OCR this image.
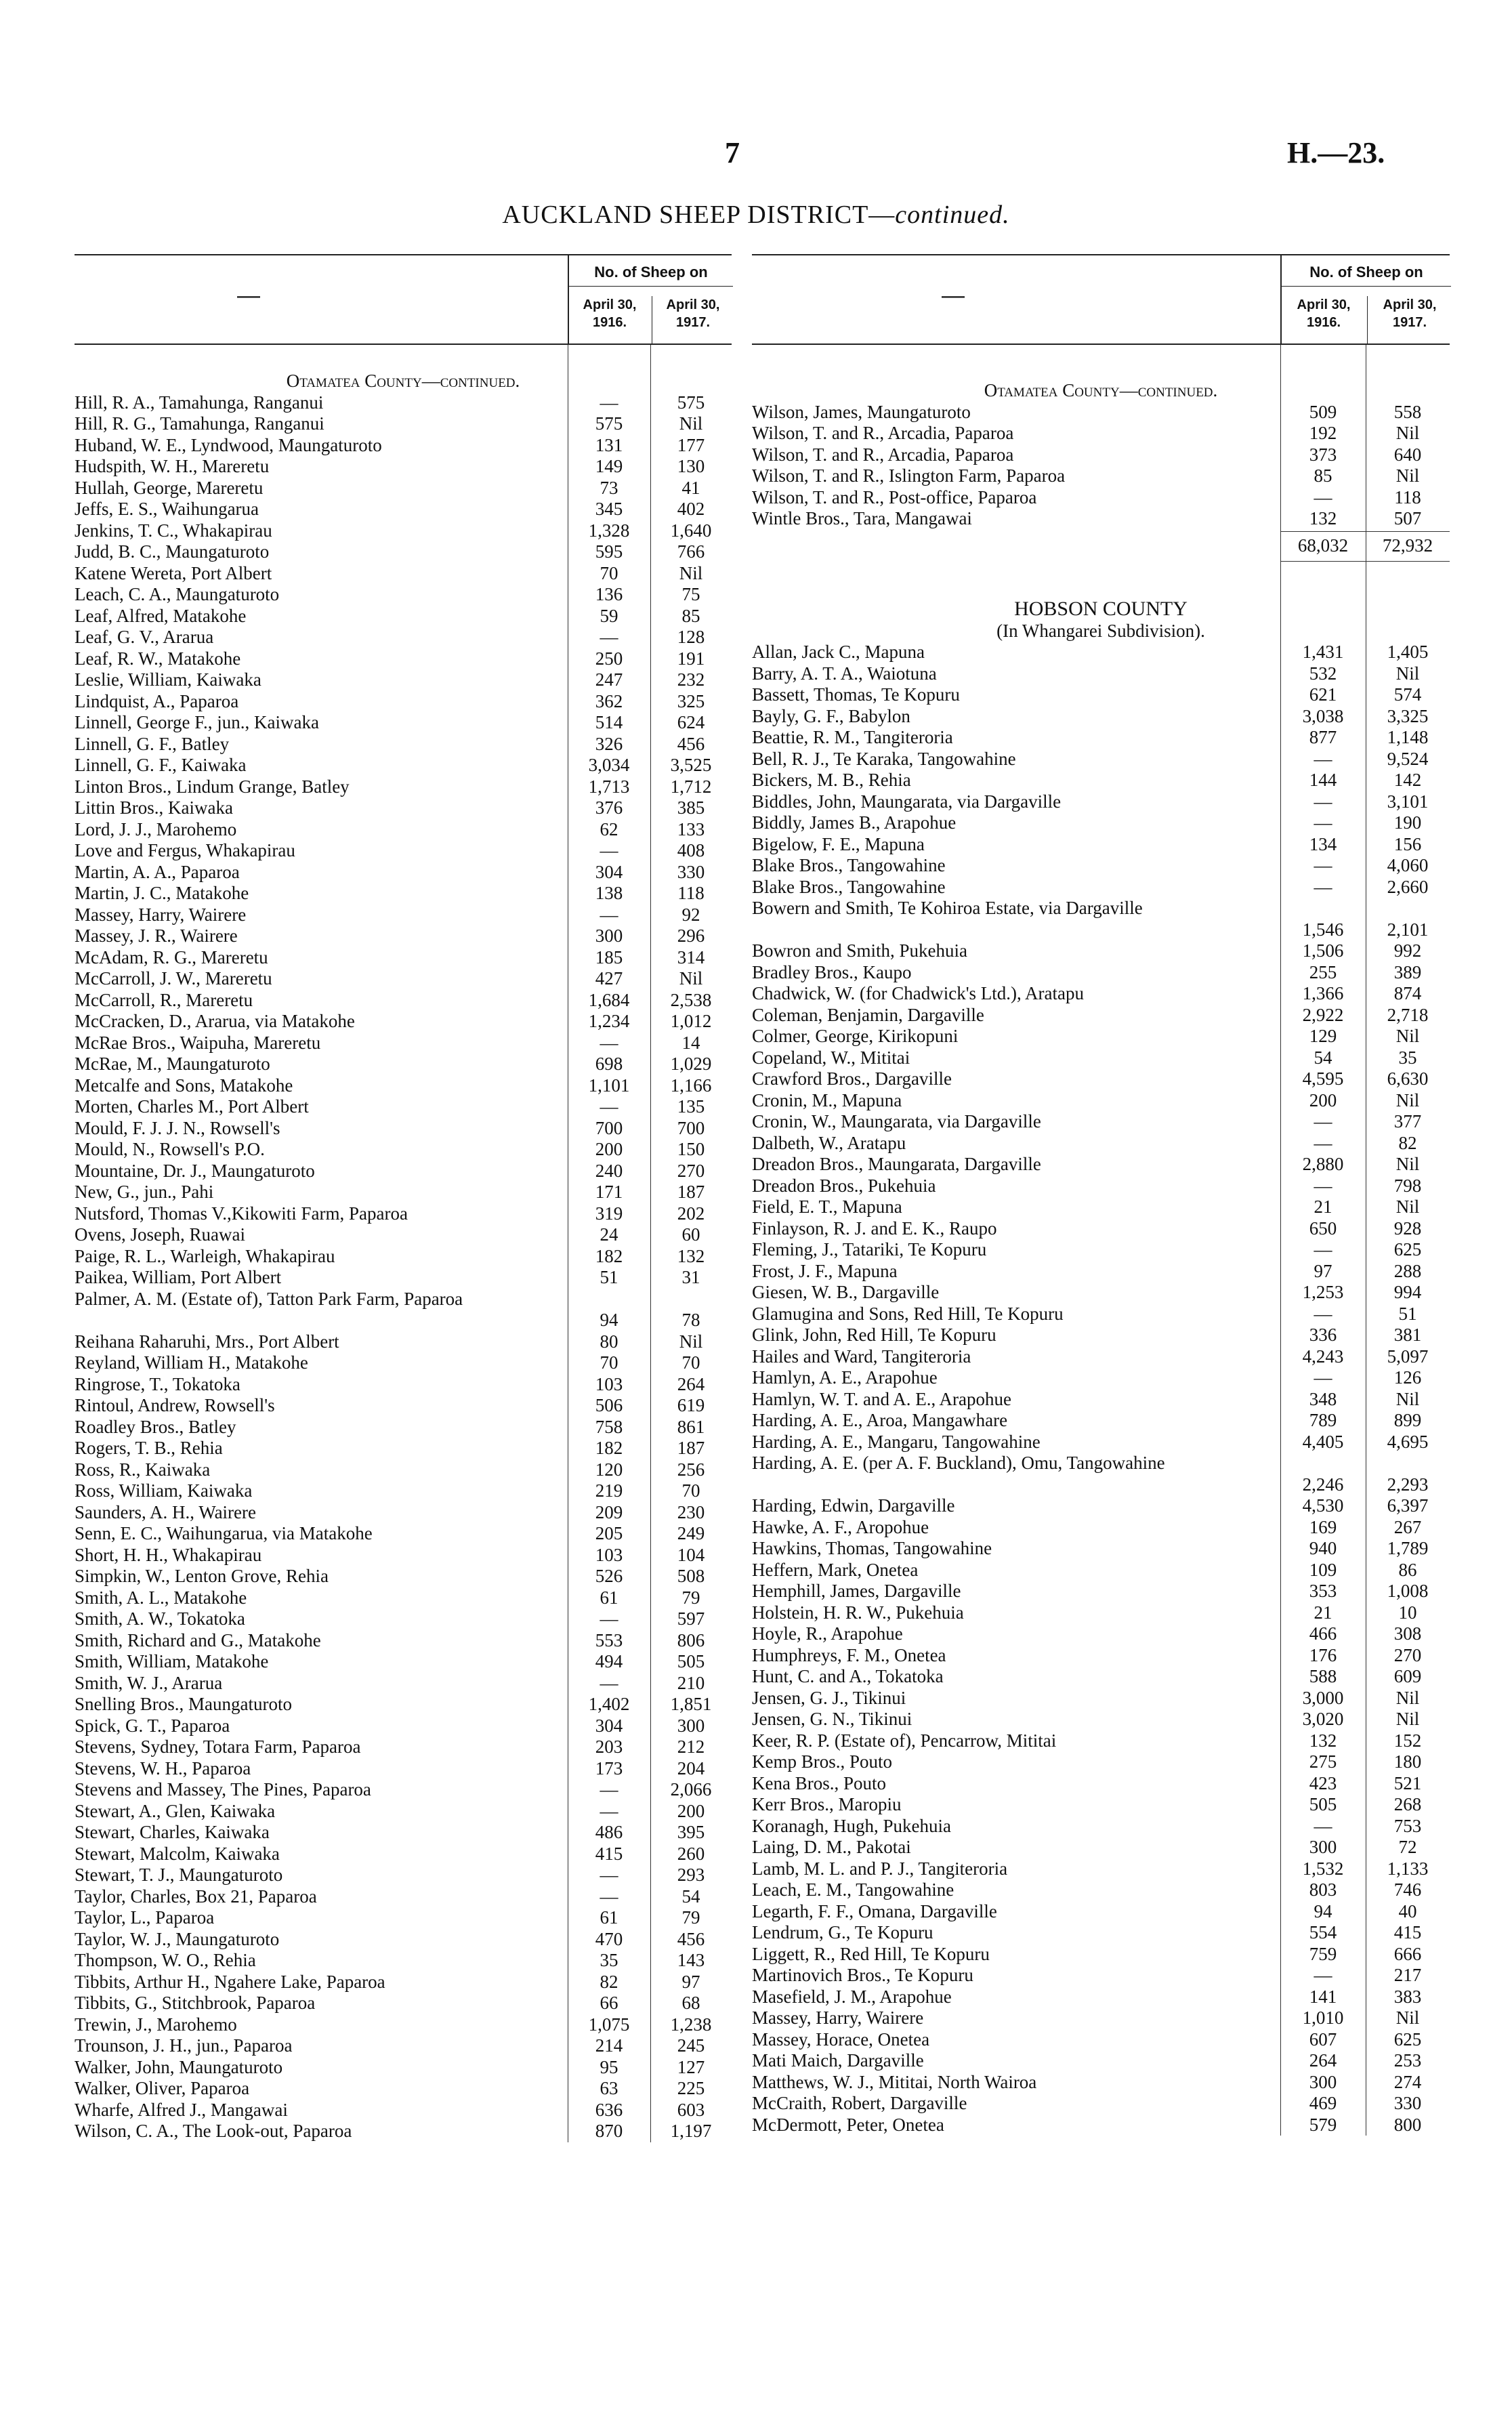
7	H.—23.
AUCKLAND SHEEP DISTRICT—continued.
—
No. of Sheep on
April 30, 1916.
April 30, 1917.
Otamatea County—continued.
Hill, R. A., Tamahunga, Ranganui	—	575
Hill, R. G., Tamahunga, Ranganui	575	Nil
Huband, W. E., Lyndwood, Maungaturoto	131	177
Hudspith, W. H., Mareretu	149	130
Hullah, George, Mareretu	73	41
Jeffs, E. S., Waihungarua	345	402
Jenkins, T. C., Whakapirau	1,328	1,640
Judd, B. C., Maungaturoto	595	766
Katene Wereta, Port Albert	70	Nil
Leach, C. A., Maungaturoto	136	75
Leaf, Alfred, Matakohe	59	85
Leaf, G. V., Ararua	—	128
Leaf, R. W., Matakohe	250	191
Leslie, William, Kaiwaka	247	232
Lindquist, A., Paparoa	362	325
Linnell, George F., jun., Kaiwaka	514	624
Linnell, G. F., Batley	326	456
Linnell, G. F., Kaiwaka	3,034	3,525
Linton Bros., Lindum Grange, Batley	1,713	1,712
Littin Bros., Kaiwaka	376	385
Lord, J. J., Marohemo	62	133
Love and Fergus, Whakapirau	—	408
Martin, A. A., Paparoa	304	330
Martin, J. C., Matakohe	138	118
Massey, Harry, Wairere	—	92
Massey, J. R., Wairere	300	296
McAdam, R. G., Mareretu	185	314
McCarroll, J. W., Mareretu	427	Nil
McCarroll, R., Mareretu	1,684	2,538
McCracken, D., Ararua, via Matakohe	1,234	1,012
McRae Bros., Waipuha, Mareretu	—	14
McRae, M., Maungaturoto	698	1,029
Metcalfe and Sons, Matakohe	1,101	1,166
Morten, Charles M., Port Albert	—	135
Mould, F. J. J. N., Rowsell's	700	700
Mould, N., Rowsell's P.O.	200	150
Mountaine, Dr. J., Maungaturoto	240	270
New, G., jun., Pahi	171	187
Nutsford, Thomas V.,Kikowiti Farm, Paparoa	319	202
Ovens, Joseph, Ruawai	24	60
Paige, R. L., Warleigh, Whakapirau	182	132
Paikea, William, Port Albert	51	31
Palmer, A. M. (Estate of), Tatton Park Farm, Paparoa
94	78
Reihana Raharuhi, Mrs., Port Albert	80	Nil
Reyland, William H., Matakohe	70	70
Ringrose, T., Tokatoka	103	264
Rintoul, Andrew, Rowsell's	506	619
Roadley Bros., Batley	758	861
Rogers, T. B., Rehia	182	187
Ross, R., Kaiwaka	120	256
Ross, William, Kaiwaka	219	70
Saunders, A. H., Wairere	209	230
Senn, E. C., Waihungarua, via Matakohe	205	249
Short, H. H., Whakapirau	103	104
Simpkin, W., Lenton Grove, Rehia	526	508
Smith, A. L., Matakohe	61	79
Smith, A. W., Tokatoka	—	597
Smith, Richard and G., Matakohe	553	806
Smith, William, Matakohe	494	505
Smith, W. J., Ararua	—	210
Snelling Bros., Maungaturoto	1,402	1,851
Spick, G. T., Paparoa	304	300
Stevens, Sydney, Totara Farm, Paparoa	203	212
Stevens, W. H., Paparoa	173	204
Stevens and Massey, The Pines, Paparoa	—	2,066
Stewart, A., Glen, Kaiwaka	—	200
Stewart, Charles, Kaiwaka	486	395
Stewart, Malcolm, Kaiwaka	415	260
Stewart, T. J., Maungaturoto	—	293
Taylor, Charles, Box 21, Paparoa	—	54
Taylor, L., Paparoa	61	79
Taylor, W. J., Maungaturoto	470	456
Thompson, W. O., Rehia	35	143
Tibbits, Arthur H., Ngahere Lake, Paparoa	82	97
Tibbits, G., Stitchbrook, Paparoa	66	68
Trewin, J., Marohemo	1,075	1,238
Trounson, J. H., jun., Paparoa	214	245
Walker, John, Maungaturoto	95	127
Walker, Oliver, Paparoa	63	225
Wharfe, Alfred J., Mangawai	636	603
Wilson, C. A., The Look-out, Paparoa	870	1,197
—
No. of Sheep on
April 30, 1916.
April 30, 1917.
Otamatea County—continued.
Wilson, James, Maungaturoto	509	558
Wilson, T. and R., Arcadia, Paparoa	192	Nil
Wilson, T. and R., Arcadia, Paparoa	373	640
Wilson, T. and R., Islington Farm, Paparoa	85	Nil
Wilson, T. and R., Post-office, Paparoa	—	118
Wintle Bros., Tara, Mangawai	132	507
68,032	72,932
HOBSON COUNTY
(In Whangarei Subdivision).
Allan, Jack C., Mapuna	1,431	1,405
Barry, A. T. A., Waiotuna	532	Nil
Bassett, Thomas, Te Kopuru	621	574
Bayly, G. F., Babylon	3,038	3,325
Beattie, R. M., Tangiteroria	877	1,148
Bell, R. J., Te Karaka, Tangowahine	—	9,524
Bickers, M. B., Rehia	144	142
Biddles, John, Maungarata, via Dargaville	—	3,101
Biddly, James B., Arapohue	—	190
Bigelow, F. E., Mapuna	134	156
Blake Bros., Tangowahine	—	4,060
Blake Bros., Tangowahine	—	2,660
Bowern and Smith, Te Kohiroa Estate, via Dargaville
1,546	2,101
Bowron and Smith, Pukehuia	1,506	992
Bradley Bros., Kaupo	255	389
Chadwick, W. (for Chadwick's Ltd.), Aratapu	1,366	874
Coleman, Benjamin, Dargaville	2,922	2,718
Colmer, George, Kirikopuni	129	Nil
Copeland, W., Mititai	54	35
Crawford Bros., Dargaville	4,595	6,630
Cronin, M., Mapuna	200	Nil
Cronin, W., Maungarata, via Dargaville	—	377
Dalbeth, W., Aratapu	—	82
Dreadon Bros., Maungarata, Dargaville	2,880	Nil
Dreadon Bros., Pukehuia	—	798
Field, E. T., Mapuna	21	Nil
Finlayson, R. J. and E. K., Raupo	650	928
Fleming, J., Tatariki, Te Kopuru	—	625
Frost, J. F., Mapuna	97	288
Giesen, W. B., Dargaville	1,253	994
Glamugina and Sons, Red Hill, Te Kopuru	—	51
Glink, John, Red Hill, Te Kopuru	336	381
Hailes and Ward, Tangiteroria	4,243	5,097
Hamlyn, A. E., Arapohue	—	126
Hamlyn, W. T. and A. E., Arapohue	348	Nil
Harding, A. E., Aroa, Mangawhare	789	899
Harding, A. E., Mangaru, Tangowahine	4,405	4,695
Harding, A. E. (per A. F. Buckland), Omu, Tangowahine
2,246	2,293
Harding, Edwin, Dargaville	4,530	6,397
Hawke, A. F., Aropohue	169	267
Hawkins, Thomas, Tangowahine	940	1,789
Heffern, Mark, Onetea	109	86
Hemphill, James, Dargaville	353	1,008
Holstein, H. R. W., Pukehuia	21	10
Hoyle, R., Arapohue	466	308
Humphreys, F. M., Onetea	176	270
Hunt, C. and A., Tokatoka	588	609
Jensen, G. J., Tikinui	3,000	Nil
Jensen, G. N., Tikinui	3,020	Nil
Keer, R. P. (Estate of), Pencarrow, Mititai	132	152
Kemp Bros., Pouto	275	180
Kena Bros., Pouto	423	521
Kerr Bros., Maropiu	505	268
Koranagh, Hugh, Pukehuia	—	753
Laing, D. M., Pakotai	300	72
Lamb, M. L. and P. J., Tangiteroria	1,532	1,133
Leach, E. M., Tangowahine	803	746
Legarth, F. F., Omana, Dargaville	94	40
Lendrum, G., Te Kopuru	554	415
Liggett, R., Red Hill, Te Kopuru	759	666
Martinovich Bros., Te Kopuru	—	217
Masefield, J. M., Arapohue	141	383
Massey, Harry, Wairere	1,010	Nil
Massey, Horace, Onetea	607	625
Mati Maich, Dargaville	264	253
Matthews, W. J., Mititai, North Wairoa	300	274
McCraith, Robert, Dargaville	469	330
McDermott, Peter, Onetea	579	800
